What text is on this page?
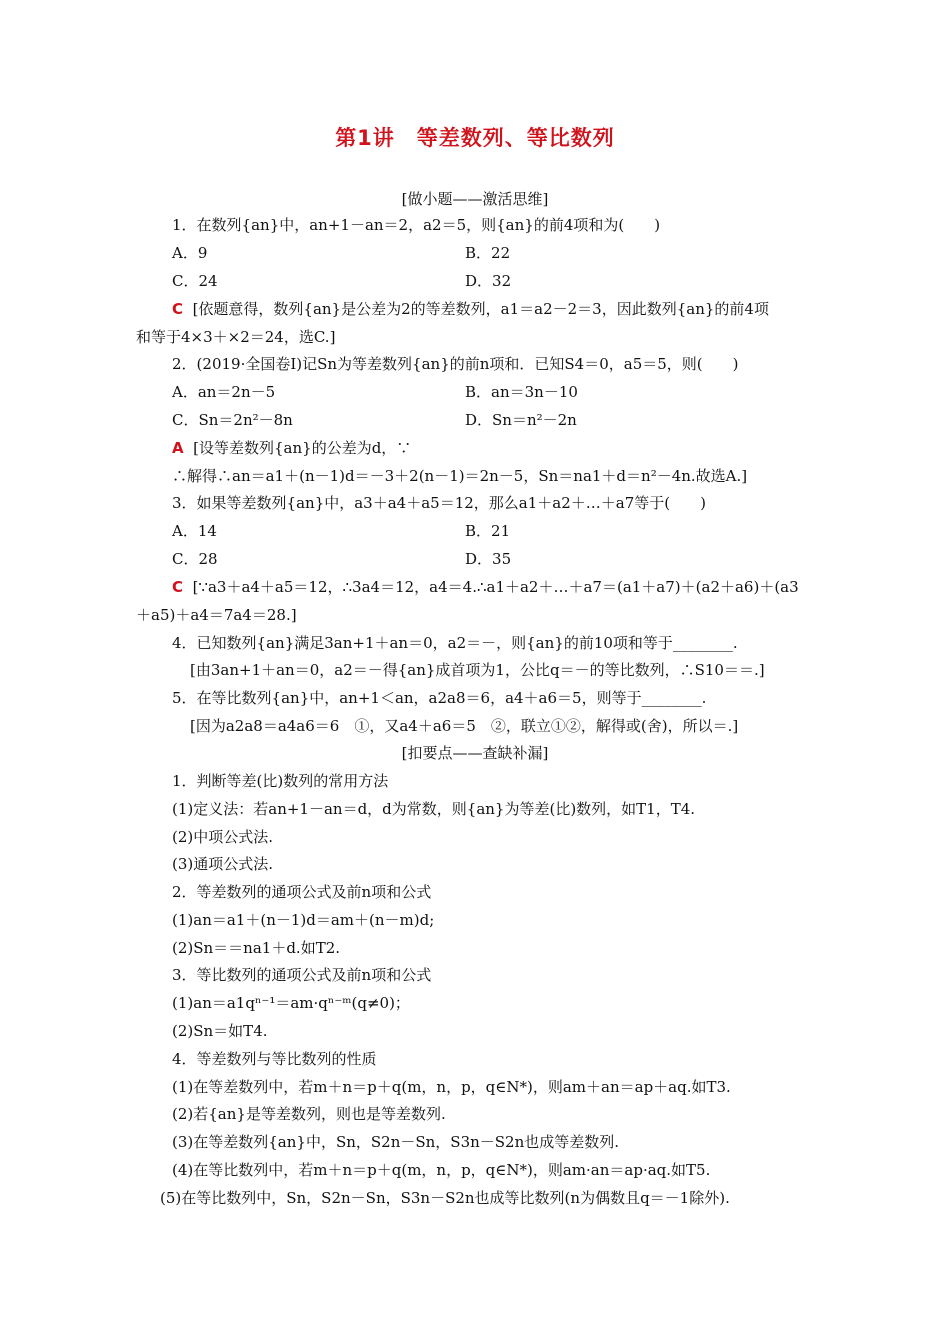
第1讲　等差数列、等比数列
[做小题——激活思维]
1．在数列{an}中，an+1－an＝2，a2＝5，则{an}的前4项和为(　　)
A．9	B．22
C．24	D．32
C [依题意得，数列{an}是公差为2的等差数列，a1＝a2－2＝3，因此数列{an}的前4项
和等于4×3＋×2＝24，选C.]
2．(2019·全国卷Ⅰ)记Sn为等差数列{an}的前n项和．已知S4＝0，a5＝5，则(　　)
A．an＝2n－5	B．an＝3n－10
C．Sn＝2n²－8n	D．Sn＝n²－2n
A [设等差数列{an}的公差为d，∵
∴解得∴an＝a1＋(n－1)d＝－3＋2(n－1)＝2n－5，Sn＝na1＋d＝n²－4n.故选A.]
3．如果等差数列{an}中，a3＋a4＋a5＝12，那么a1＋a2＋…＋a7等于(　　)
A．14	B．21
C．28	D．35
C [∵a3＋a4＋a5＝12，∴3a4＝12，a4＝4.∴a1＋a2＋…＋a7＝(a1＋a7)＋(a2＋a6)＋(a3
＋a5)＋a4＝7a4＝28.]
4．已知数列{an}满足3an+1＋an＝0，a2＝－，则{an}的前10项和等于________.
[由3an+1＋an＝0，a2＝－得{an}成首项为1，公比q＝－的等比数列，∴S10＝＝.]
5．在等比数列{an}中，an+1＜an，a2a8＝6，a4＋a6＝5，则等于________.
[因为a2a8＝a4a6＝6　①，又a4＋a6＝5　②，联立①②，解得或(舍)，所以＝.]
[扣要点——查缺补漏]
1．判断等差(比)数列的常用方法
(1)定义法：若an+1－an＝d，d为常数，则{an}为等差(比)数列，如T1，T4.
(2)中项公式法.
(3)通项公式法.
2．等差数列的通项公式及前n项和公式
(1)an＝a1＋(n－1)d＝am＋(n－m)d;
(2)Sn＝＝na1＋d.如T2.
3．等比数列的通项公式及前n项和公式
(1)an＝a1qⁿ⁻¹＝am·qⁿ⁻ᵐ(q≠0)；
(2)Sn＝如T4.
4．等差数列与等比数列的性质
(1)在等差数列中，若m＋n＝p＋q(m，n，p，q∈N*)，则am＋an＝ap＋aq.如T3.
(2)若{an}是等差数列，则也是等差数列.
(3)在等差数列{an}中，Sn，S2n－Sn，S3n－S2n也成等差数列.
(4)在等比数列中，若m＋n＝p＋q(m，n，p，q∈N*)，则am·an＝ap·aq.如T5.
(5)在等比数列中，Sn，S2n－Sn，S3n－S2n也成等比数列(n为偶数且q＝－1除外).
